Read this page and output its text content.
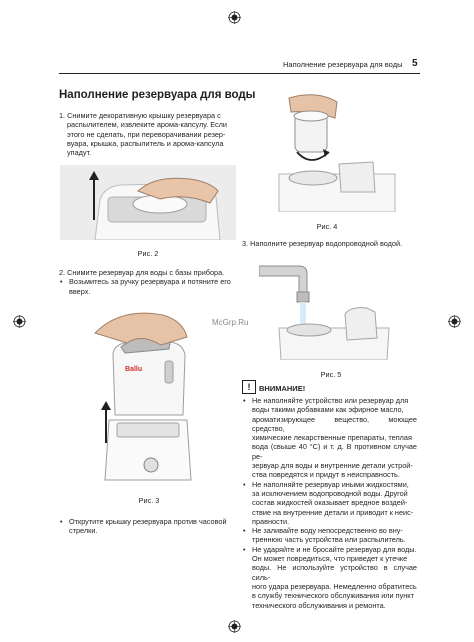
Наполнение резервуара для воды 5
Наполнение резервуара для воды
1. Снимите декоративную крышку резервуара с
распылителем, извлеките арома-капсулу. Если
этого не сделать, при переворачивании резер-
вуара, крышка, распылитель и арома-капсула
упадут.
Рис. 2
2. Снимите резервуар для воды с базы прибора.
• Возьмитесь за ручку резервуара и потяните его
вверх.
Ballu
Рис. 3
• Открутите крышку резервуара против часовой
стрелки.
Рис. 4
3. Наполните резервуар водопроводной водой.
Рис. 5
McGrp.Ru
!	ВНИМАНИЕ!
• Не наполняйте устройство или резервуар для
воды такими добавками как эфирное масло,
ароматизирующее вещество, моющее средство,
химические лекарственные препараты, теплая
вода (свыше 40 °С) и т. д. В противном случае ре-
зервуар для воды и внутренние детали устрой-
ства повредятся и придут в неисправность.
• Не наполняйте резервуар иными жидкостями,
за исключением водопроводной воды. Другой
состав жидкостей оказывает вредное воздей-
ствие на внутренние детали и приводит к неис-
правности.
• Не заливайте воду непосредственно во вну-
треннюю часть устройства или распылитель.
• Не ударяйте и не бросайте резервуар для воды.
Он может повредиться, что приведет к утечке
воды. Не используйте устройство в случае силь-
ного удара резервуара. Немедленно обратитесь
в службу технического обслуживания или пункт
технического обслуживания и ремонта.
